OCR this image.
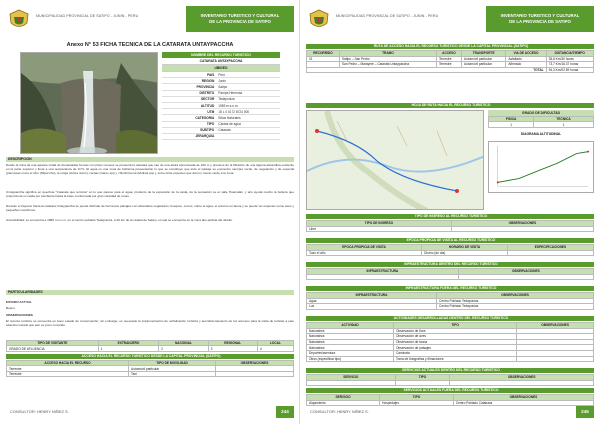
MUNICIPALIDAD PROVINCIAL DE SATIPO - JUNIN - PERU	INVENTARIO TURISTICO Y CULTURAL
DE LA PROVINCIA DE SATIPO
Anexo N° 53 FICHA TECNICA DE LA CATARATA UNTAYPACCHA
NOMBRE DEL RECURSO TURISTICO
CATARATA UNTAYPACCHA
UBIGEO
PAIS	Perú
REGION	Junín
PROVINCIA	Satipo
DISTRITO	Pampa Hermosa
SECTOR	Tedaponiza
ALTITUD	1989 m.s.n.m.
UTM	18 L 0 0172 8724 000
CATEGORIA	Sitios Naturales
TIPO	Caídas de agua
SUBTIPO	Catarata
JERARQUIA
DESCRIPCION
Desde la zona de una agreste mitad de demasiadas formas con pisos rocosos se presenta la catarata que cae de una altura aproximada de 100 m y proviene de la filtración de una laguna altoandina existente en la parte superior y llena a una temperatura de 11°C. El agua es una zona de bellísima presentación lo que se constituye que todo el paisaje se encuentre siempre verde, de vegetación y de especial gramíneas como el ichu (Stipa ichu), la ortiga (Urtica urens), carpas (Carex spp.), chinchircuma (Mutisia spp.), entre otras especies que dan un manto verde a la zona.
Untaypaccha significa en quechua "Catarata que termina" en lo que parece para el agua, producto de la expansión de la caída, de la sensación se el valle Huamalán, y ello ayuda mucho la belleza que proporciona su caída por pendiente hasta la base conformada por gran cantidad de rocas.
Durante el trayecto hacia la catarata Untaypaccha se puede disfrutar de hermosos paisajes con abundante vegetación, bosques, cerros, sobre el agua, el entorno en fauna y se puede ver especies como aves y pequeños mamíferos.
Accesibilidad: se encuentra a 1989 m.s.n.m. en el centro poblado Tedaponiza, a 20 km de la ciudad de Satipo, el cual se encuentra en la zona alto-andina del distrito.
PARTICULARIDADES
ESTADO ACTUAL
Bueno
OBSERVACIONES
El recurso turístico se encuentra en buen estado de conservación; sin embargo, es necesario la implementación de señalización turística y acondicionamiento de los accesos para la visita de turistas a este atractivo natural que aún es poco conocido.
TIPO DE VISITANTE	EXTRANJERO	NACIONAL	REGIONAL	LOCAL
GRADO DE AFLUENCIA	1	2	3	4
ACCESO HACIA EL RECURSO TURISTICO DESDE LA CAPITAL PROVINCIAL (SATIPO)
ACCESO HACIA EL RECURSO	TIPO DE MOVILIDAD	OBSERVACIONES
Terrestre	Automóvil particular	
Terrestre	Taxi	
CONSULTOR: HENRY NIÑEZ S.	244
MUNICIPALIDAD PROVINCIAL DE SATIPO - JUNIN - PERU	INVENTARIO TURISTICO Y CULTURAL
DE LA PROVINCIA DE SATIPO
RUTA DE ACCESO HACIA EL RECURSO TURISTICO DESDE LA CAPITAL PROVINCIAL (SATIPO)
RECORRIDO	TRAMO	ACCESO	TRANSPORTE	VIA DE ACCESO	DISTANCIA/TIEMPO
01	Satipo – San Pedro	Terrestre	Automóvil particular	Asfaltado	35,8 Km/30 horas
	San Pedro – Marayme – Catarata Untaypaccha	Terrestre	Automóvil particular	Afirmado	73,7 Km/16.37 horas
TOTAL					94,3 Km/02.59 horas
HOJA DE RUTA HACIA EL RECURSO TURISTICO
GRADO DE DIFICULTAD
FISICA	TECNICA
1	1
DIAGRAMA ALTITUDINAL
TIPO DE INGRESO AL RECURSO TURISTICO
TIPO DE INGRESO	OBSERVACIONES
Libre	
EPOCA PROPICIA DE VISITA AL RECURSO TURISTICO
EPOCA PROPICIA DE VISITA	HORARIO DE VISITA	ESPECIFICACIONES
Todo el año	Diurno (de día)	
INFRAESTRUCTURA DENTRO DEL RECURSO TURISTICO
INFRAESTRUCTURA	OBSERVACIONES

INFRAESTRUCTURA FUERA DEL RECURSO TURISTICO
INFRAESTRUCTURA	OBSERVACIONES
Agua	Centro Poblado Tedaponiza
Luz	Centro Poblado Tedaponiza
ACTIVIDADES DESARROLLADAS DENTRO DEL RECURSO TURISTICO
ACTIVIDAD	TIPO	OBSERVACIONES
Naturaleza	Observación de flora	
Naturaleza	Observación de aves	
Naturaleza	Observación de fauna	
Naturaleza	Observación de paisajes	
Deportes/aventura	Caminata	
Otros (especificar tipo)	Toma de fotografías y filmaciones	
SERVICIOS ACTUALES DENTRO DEL RECURSO TURISTICO
SERVICIO	TIPO	OBSERVACIONES

SERVICIOS ACTUALES FUERA DEL RECURSO TURISTICO
SERVICIO	TIPO	OBSERVACIONES
Alojamiento	Hospedajes	Centro Poblado Calabaza
CONSULTOR: HENRY NIÑEZ S.	245
